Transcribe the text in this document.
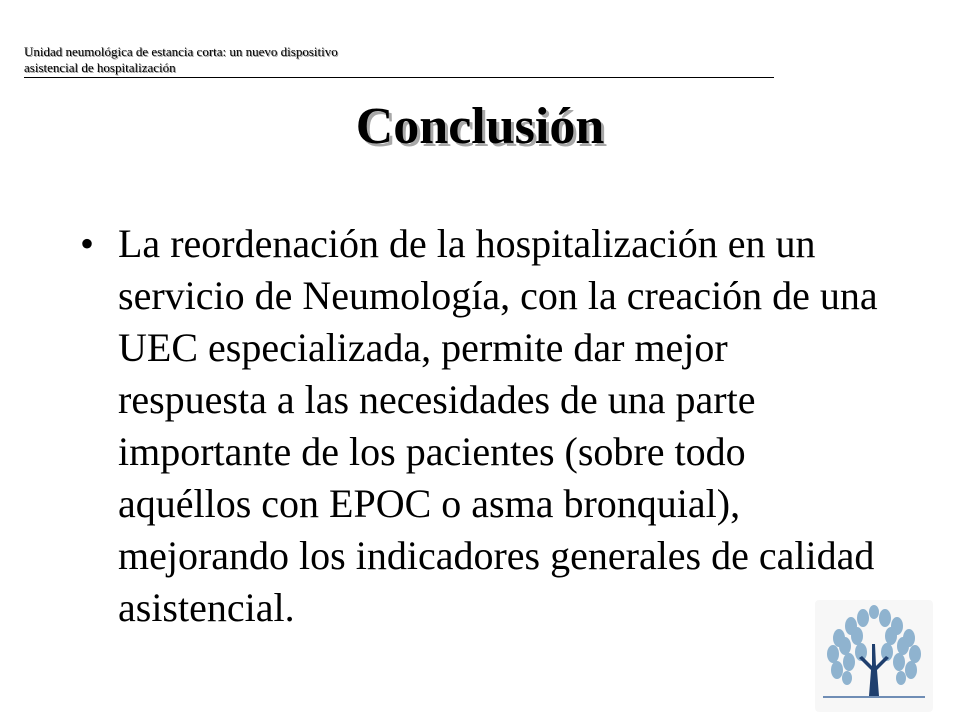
Unidad neumológica de estancia corta: un nuevo dispositivo
asistencial de hospitalización
Conclusión
• La reordenación de la hospitalización en un servicio de Neumología, con la creación de una UEC especializada, permite dar mejor respuesta a las necesidades de una parte importante de los pacientes (sobre todo aquéllos con EPOC o asma bronquial), mejorando los indicadores generales de calidad asistencial.
